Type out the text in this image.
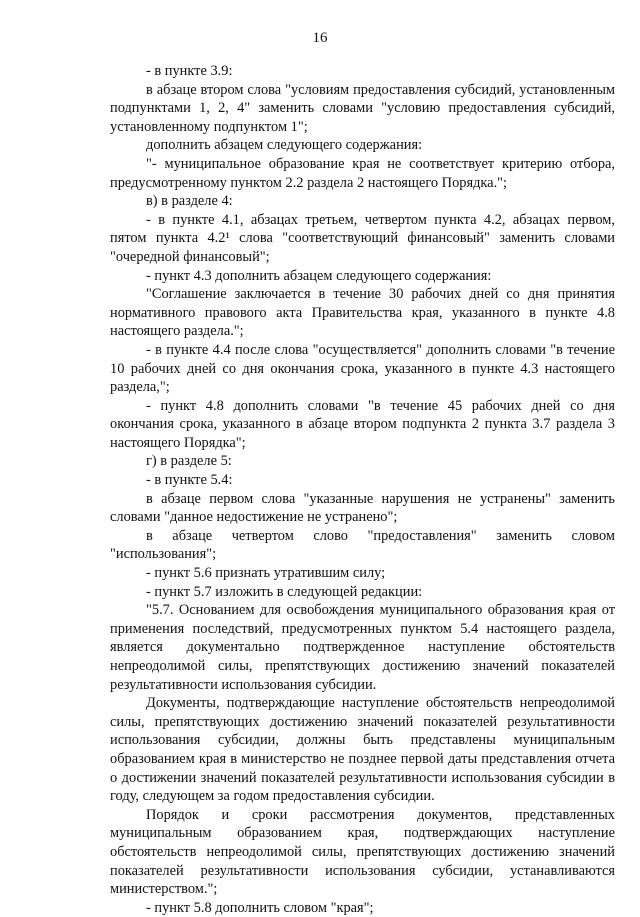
16

- в пункте 3.9:

в абзаце втором слова "условиям предоставления субсидий, установленным подпунктами 1, 2, 4" заменить словами "условию предоставления субсидий, установленному подпунктом 1";

дополнить абзацем следующего содержания:

"- муниципальное образование края не соответствует критерию отбора, предусмотренному пунктом 2.2 раздела 2 настоящего Порядка.";

в) в разделе 4:

- в пункте 4.1, абзацах третьем, четвертом пункта 4.2, абзацах первом, пятом пункта 4.2¹ слова "соответствующий финансовый" заменить словами "очередной финансовый";

- пункт 4.3 дополнить абзацем следующего содержания:

"Соглашение заключается в течение 30 рабочих дней со дня принятия нормативного правового акта Правительства края, указанного в пункте 4.8 настоящего раздела.";

- в пункте 4.4 после слова "осуществляется" дополнить словами "в течение 10 рабочих дней со дня окончания срока, указанного в пункте 4.3 настоящего раздела,";

- пункт 4.8 дополнить словами "в течение 45 рабочих дней со дня окончания срока, указанного в абзаце втором подпункта 2 пункта 3.7 раздела 3 настоящего Порядка";

г) в разделе 5:

- в пункте 5.4:

в абзаце первом слова "указанные нарушения не устранены" заменить словами "данное недостижение не устранено";

в абзаце четвертом слово "предоставления" заменить словом "использования";

- пункт 5.6 признать утратившим силу;

- пункт 5.7 изложить в следующей редакции:

"5.7. Основанием для освобождения муниципального образования края от применения последствий, предусмотренных пунктом 5.4 настоящего раздела, является документально подтвержденное наступление обстоятельств непреодолимой силы, препятствующих достижению значений показателей результативности использования субсидии.

Документы, подтверждающие наступление обстоятельств непреодолимой силы, препятствующих достижению значений показателей результативности использования субсидии, должны быть представлены муниципальным образованием края в министерство не позднее первой даты представления отчета о достижении значений показателей результативности использования субсидии в году, следующем за годом предоставления субсидии.

Порядок и сроки рассмотрения документов, представленных муниципальным образованием края, подтверждающих наступление обстоятельств непреодолимой силы, препятствующих достижению значений показателей результативности использования субсидии, устанавливаются министерством.";

- пункт 5.8 дополнить словом "края";
